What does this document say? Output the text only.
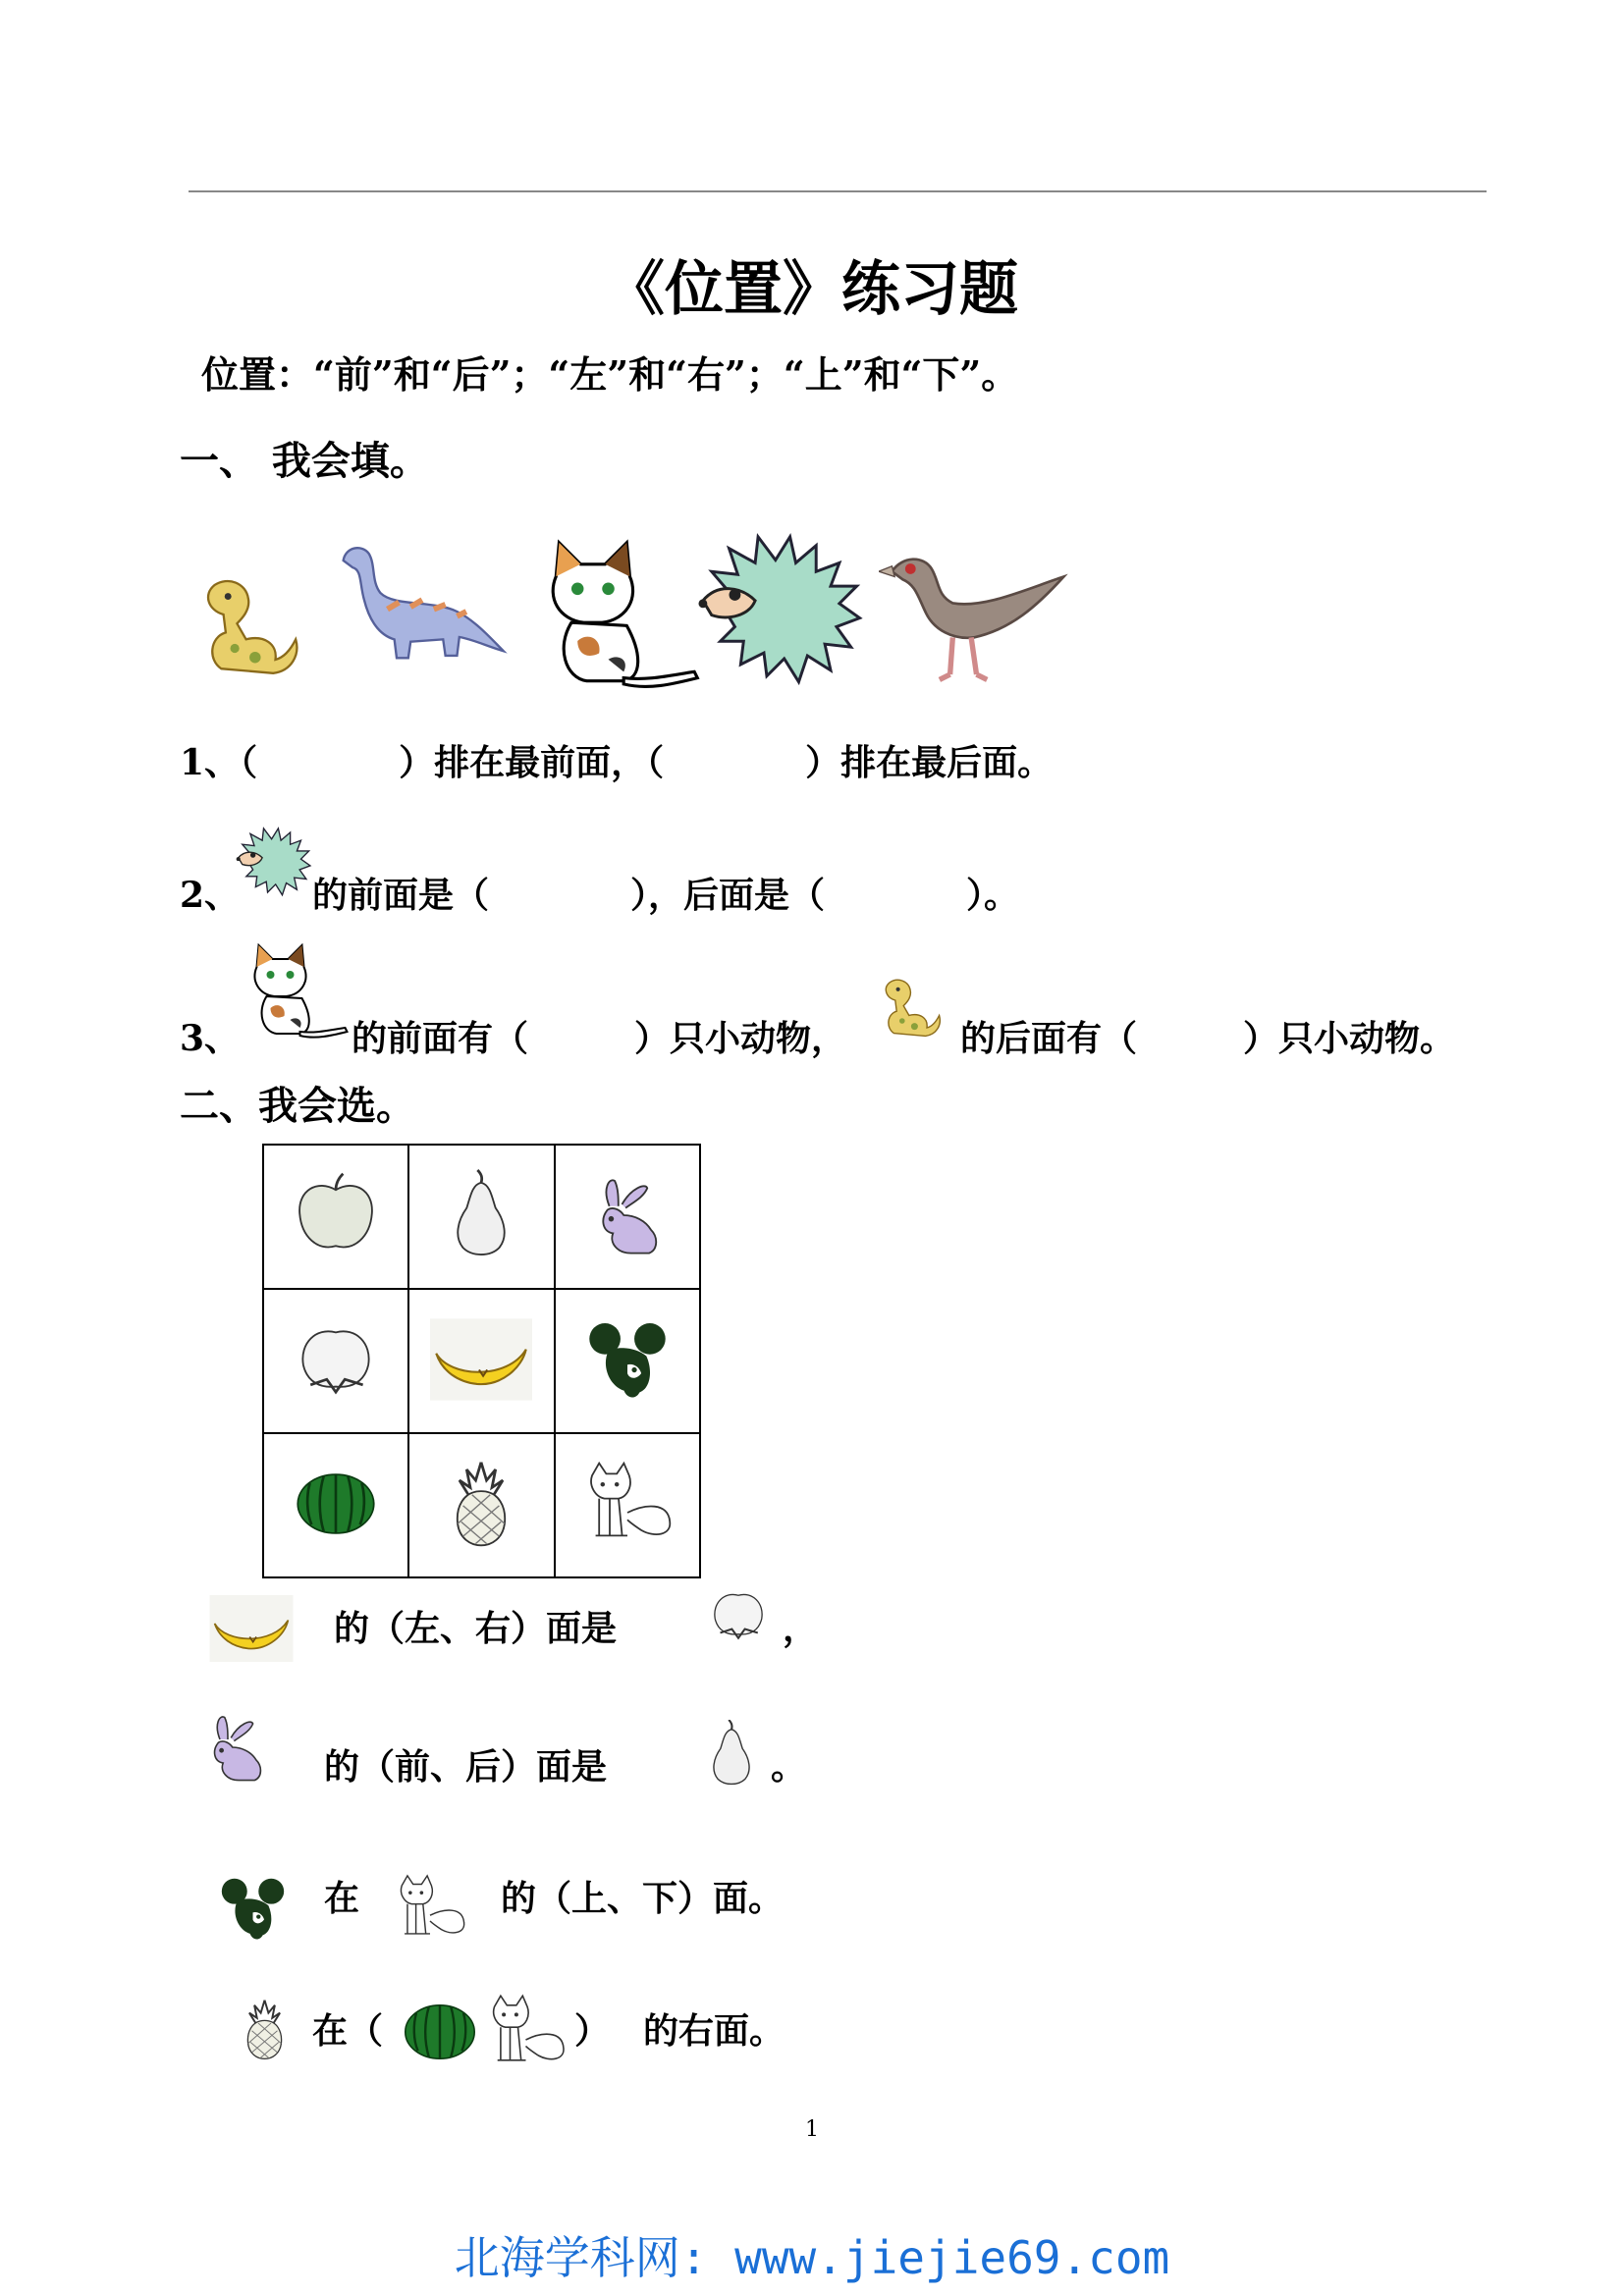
《位置》练习题
位置：“前”和“后”；“左”和“右”；“上”和“下”。
一、 我会填。
1、（　　　　）排在最前面，（　　　　）排在最后面。
2、 的前面是（　　　　），后面是（　　　　）。
3、	的前面有（　　　）只小动物，	的后面有（　　　）只小动物。
二、我会选。

的（左、右）面是	，
的（前、后）面是	。
在	的（上、下）面。
在（	） 的右面。
1
北海学科网: www.jiejie69.com
